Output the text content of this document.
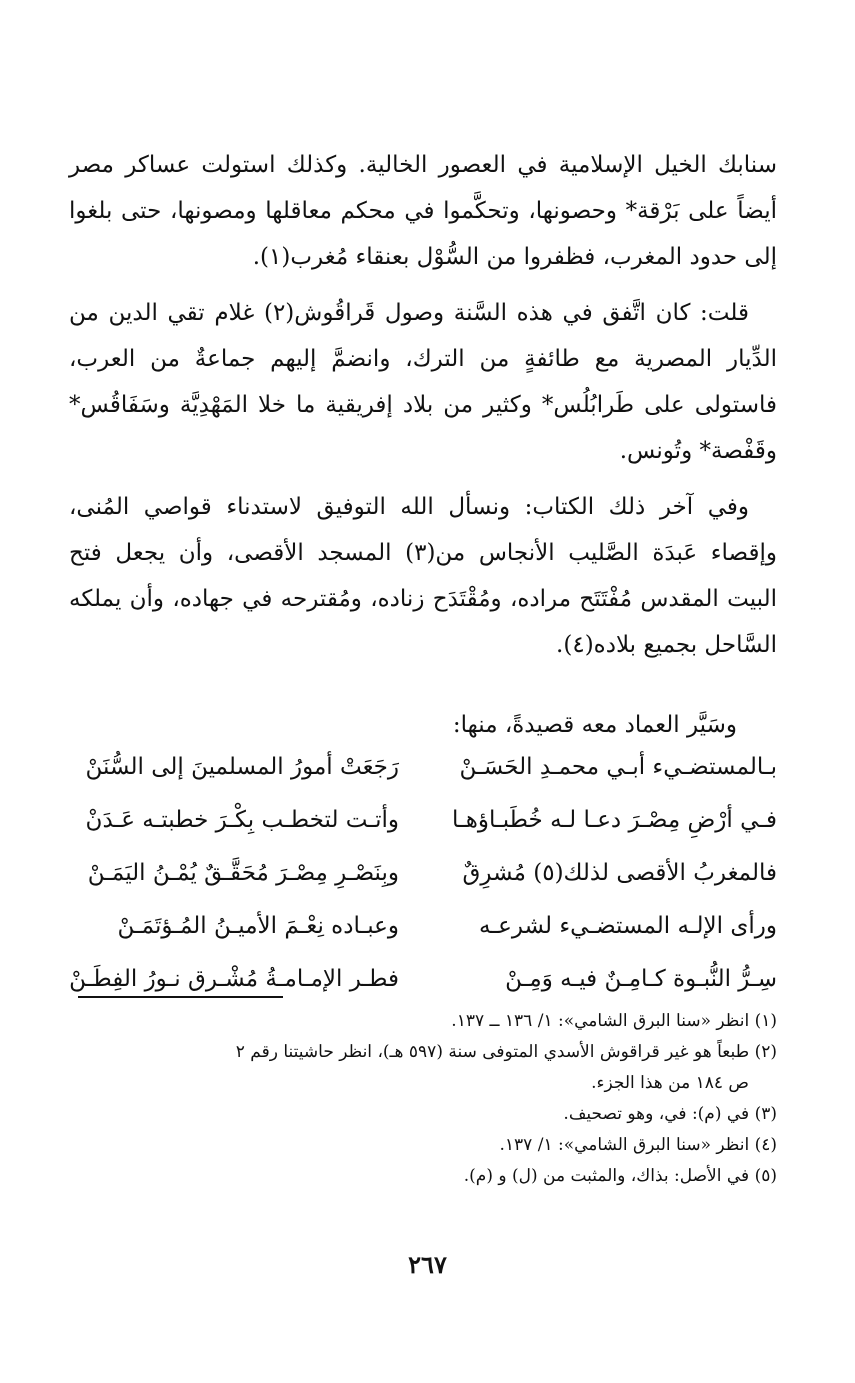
سنابك الخيل الإسلامية في العصور الخالية. وكذلك استولت عساكر مصر أيضاً على بَرْقة* وحصونها، وتحكَّموا في محكم معاقلها ومصونها، حتى بلغوا إلى حدود المغرب، فظفروا من السُّوْل بعنقاء مُغرب(١).

قلت: كان اتَّفق في هذه السَّنة وصول قَراقُوش(٢) غلام تقي الدين من الدِّيار المصرية مع طائفةٍ من الترك، وانضمَّ إليهم جماعةٌ من العرب، فاستولى على طَرابُلُس* وكثير من بلاد إفريقية ما خلا المَهْدِيَّة وسَفَاقُس* وقَفْصة* وتُونس.

وفي آخر ذلك الكتاب: ونسأل الله التوفيق لاستدناء قواصي المُنى، وإقصاء عَبدَة الصَّليب الأنجاس من(٣) المسجد الأقصى، وأن يجعل فتح البيت المقدس مُفْتَتَح مراده، ومُقْتَدَح زناده، ومُقترحه في جهاده، وأن يملكه السَّاحل بجميع بلاده(٤).

وسَيَّر العماد معه قصيدةً، منها:
بـالمستضـيء أبـي محمـدِ الحَسَـنْ
رَجَعَتْ أمورُ المسلمينَ إلى السُّنَنْ
فـي أرْضِ مِصْـرَ دعـا لـه خُطَبـاؤهـا
وأتـت لتخطـب بِكْـرَ خطبتـه عَـدَنْ
فالمغربُ الأقصى لذلك(٥) مُشرِقٌ
وبِنَصْـرِ مِصْـرَ مُحَقَّـقٌ يُمْـنُ اليَمَـنْ
ورأى الإلـه المستضـيء لشرعـه
وعبـاده نِعْـمَ الأميـنُ المُـؤتَمَـنْ
سِـرُّ النُّبـوة كـامِـنٌ فيـه وَمِـنْ
فطـر الإمـامـةُ مُشْـرق نـورُ الفِطَـنْ

(١) انظر «سنا البرق الشامي»: ١/ ١٣٦ ــ ١٣٧.

(٢) طبعاً هو غير قراقوش الأسدي المتوفى سنة (٥٩٧ هـ)، انظر حاشيتنا رقم ٢

ص ١٨٤ من هذا الجزء.

(٣) في (م): في، وهو تصحيف.

(٤) انظر «سنا البرق الشامي»: ١/ ١٣٧.

(٥) في الأصل: بذاك، والمثبت من (ل) و (م).

٢٦٧
